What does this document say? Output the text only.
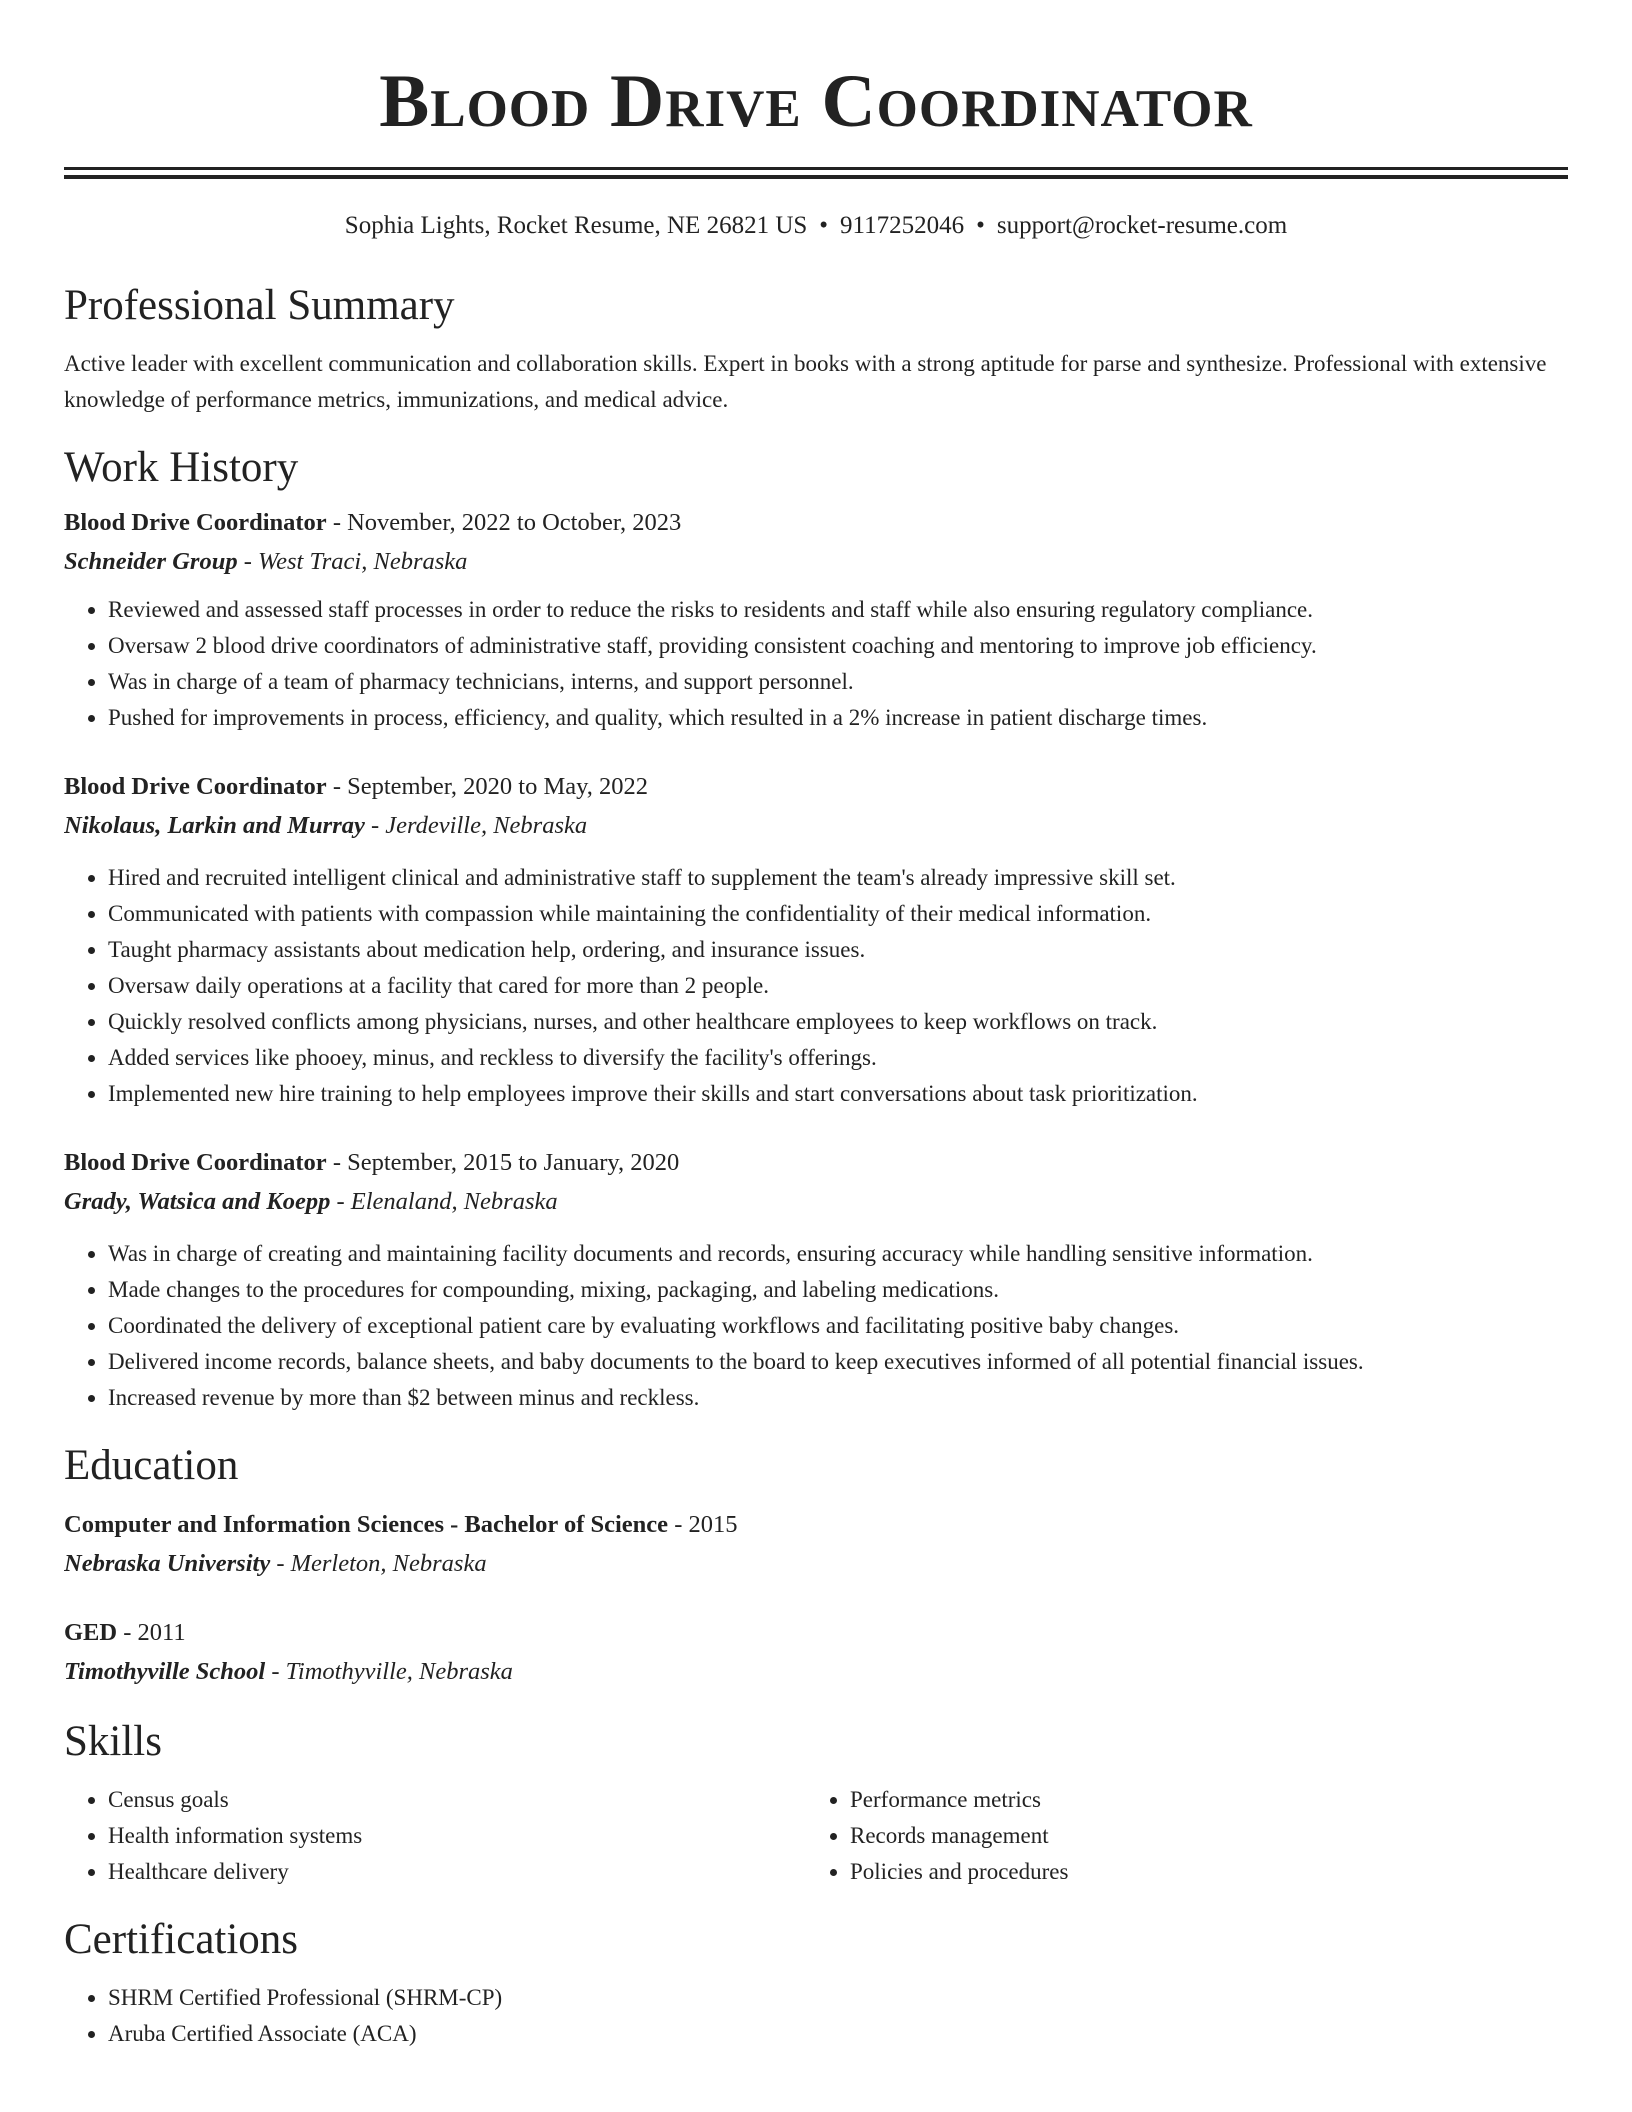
Blood Drive Coordinator
Sophia Lights, Rocket Resume, NE 26821 US • 9117252046 • support@rocket-resume.com
Professional Summary

Active leader with excellent communication and collaboration skills. Expert in books with a strong aptitude for parse and synthesize. Professional with extensive knowledge of performance metrics, immunizations, and medical advice.

Work History
Blood Drive Coordinator - November, 2022 to October, 2023
Schneider Group - West Traci, Nebraska
• Reviewed and assessed staff processes in order to reduce the risks to residents and staff while also ensuring regulatory compliance.
• Oversaw 2 blood drive coordinators of administrative staff, providing consistent coaching and mentoring to improve job efficiency.
• Was in charge of a team of pharmacy technicians, interns, and support personnel.
• Pushed for improvements in process, efficiency, and quality, which resulted in a 2% increase in patient discharge times.
Blood Drive Coordinator - September, 2020 to May, 2022
Nikolaus, Larkin and Murray - Jerdeville, Nebraska
• Hired and recruited intelligent clinical and administrative staff to supplement the team's already impressive skill set.
• Communicated with patients with compassion while maintaining the confidentiality of their medical information.
• Taught pharmacy assistants about medication help, ordering, and insurance issues.
• Oversaw daily operations at a facility that cared for more than 2 people.
• Quickly resolved conflicts among physicians, nurses, and other healthcare employees to keep workflows on track.
• Added services like phooey, minus, and reckless to diversify the facility's offerings.
• Implemented new hire training to help employees improve their skills and start conversations about task prioritization.
Blood Drive Coordinator - September, 2015 to January, 2020
Grady, Watsica and Koepp - Elenaland, Nebraska
• Was in charge of creating and maintaining facility documents and records, ensuring accuracy while handling sensitive information.
• Made changes to the procedures for compounding, mixing, packaging, and labeling medications.
• Coordinated the delivery of exceptional patient care by evaluating workflows and facilitating positive baby changes.
• Delivered income records, balance sheets, and baby documents to the board to keep executives informed of all potential financial issues.
• Increased revenue by more than $2 between minus and reckless.
Education
Computer and Information Sciences - Bachelor of Science - 2015
Nebraska University - Merleton, Nebraska
GED - 2011
Timothyville School - Timothyville, Nebraska
Skills
• Census goals
• Health information systems
• Healthcare delivery
• Performance metrics
• Records management
• Policies and procedures
Certifications
• SHRM Certified Professional (SHRM-CP)
• Aruba Certified Associate (ACA)
